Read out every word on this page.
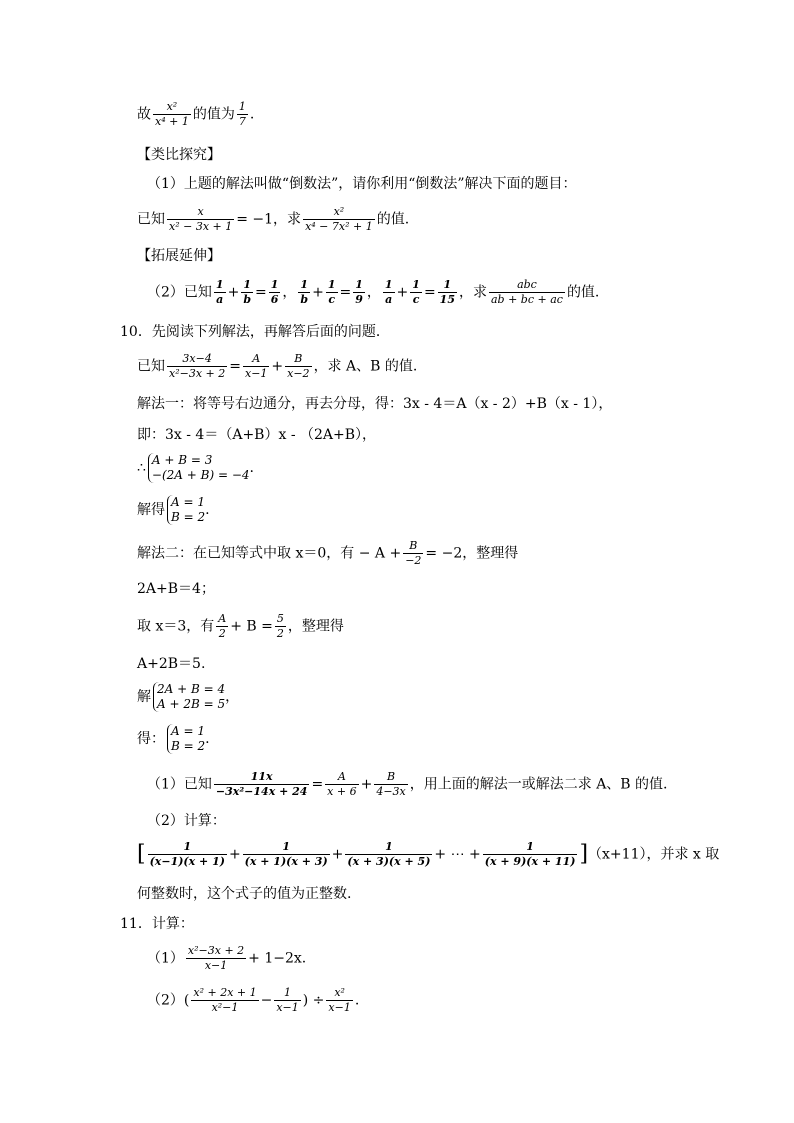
故 $\frac{\text{x²}}{\text{x⁴ + 1}}$ 的值为 $\frac{1}{7}$ .
【类比探究】
（1）上题的解法叫做“倒数法”，请你利用“倒数法”解决下面的题目：
已知 $\frac{x}{\text{x² − 3x + 1}} = -1$，求 $\frac{\text{x²}}{\text{x⁴ − 7x² + 1}}$ 的值.
【拓展延伸】
（2）已知 $\frac{1}{a} + \frac{1}{b} = \frac{1}{6}$ ， $\frac{1}{b} + \frac{1}{c} = \frac{1}{9}$ ， $\frac{1}{a} + \frac{1}{c} = \frac{1}{15}$ ，求 $\frac{\text{abc}}{ab + bc + ac}$ 的值.
10．先阅读下列解法，再解答后面的问题．
已知 $\frac{3x-4}{\text{x²−3x + 2}} = \frac{A}{x-1} + \frac{B}{x-2}$ ，求 A、B 的值.
解法一：将等号右边通分，再去分母，得：3x - 4＝A（x - 2）+B（x - 1），
即：3x - 4＝（A+B）x - （2A+B），
∴ A + B = 3
−(2A + B) = −4 .
解得 A = 1
B = 2 .
解法二：在已知等式中取 x＝0，有 − $A + \frac{B}{-2} = -2$，整理得
2A+B＝4；
取 x＝3，有 $\frac{A}{2} + B = \frac{5}{2}$ ，整理得
A+2B＝5.
解 2A + B = 4
A + 2B = 5 ，
得： A = 1
B = 2 .
（1）已知 $\frac{11x}{\text{−3x²−14x + 24}} = \frac{A}{x + 6} + \frac{B}{4-3x}$ ，用上面的解法一或解法二求 A、B 的值.
（2）计算：
[ $\frac{1}{(x-1)(x + 1)} + \frac{1}{(x + 1)(x + 3)} + \frac{1}{(x + 3)(x + 5)}$ + ⋯ + $\frac{1}{(x + 9)(x + 11)} ](x+11)$，并求 x 取
何整数时，这个式子的值为正整数.
11．计算：
$(1) \frac{\text{x²−3x + 2}}{x-1} + 1-2x$.
$(2)( \frac{\text{x² + 2x + 1}}{\text{x²−1}} - \frac{1}{x-1}$ ) ÷ $\frac{\text{x²}}{x-1}$ .
